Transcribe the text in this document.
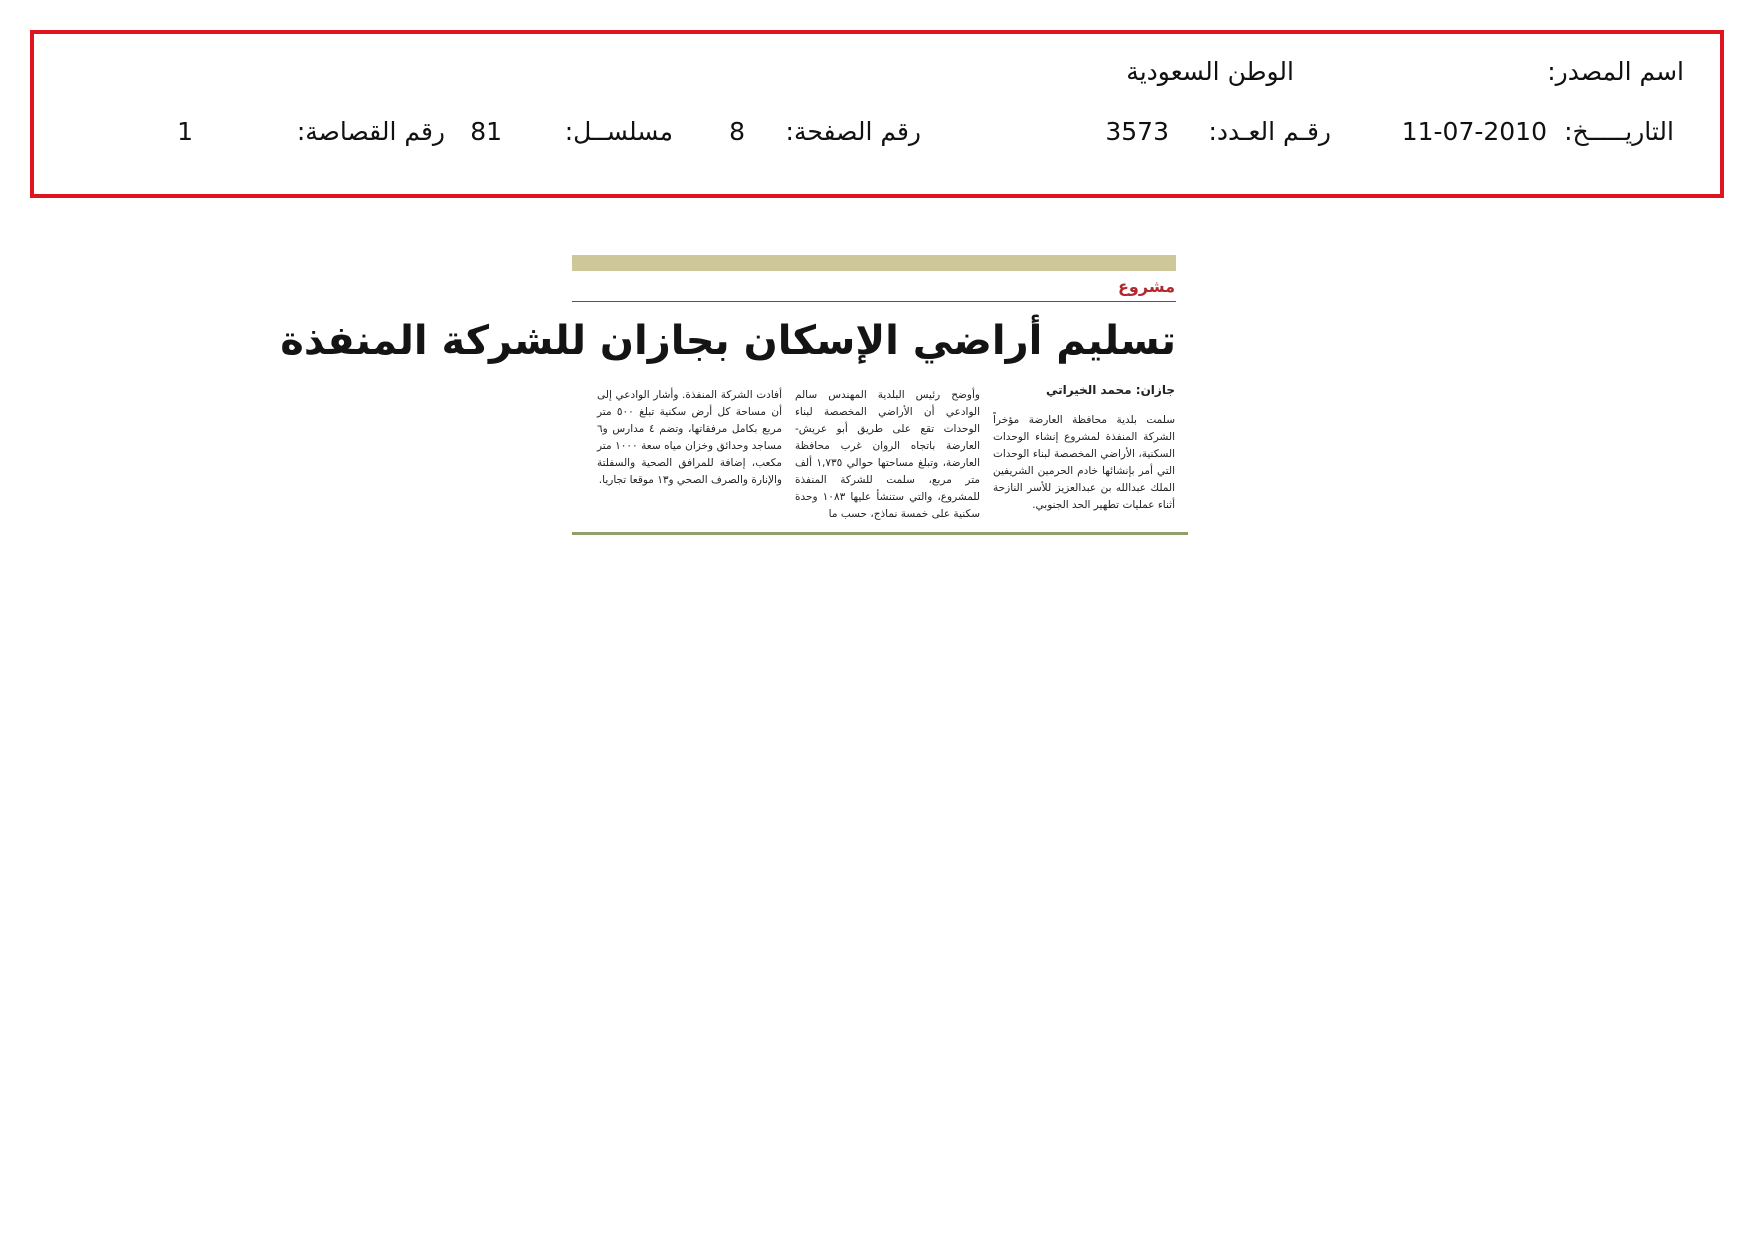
اسم المصدر:
الوطن السعودية
التاريـــــخ:
11-07-2010
رقـم العـدد:
3573
رقم الصفحة:
8
مسلســل:
81
رقم القصاصة:
1
مشروع
تسليم أراضي الإسكان بجازان للشركة المنفذة
جازان: محمد الخيراتي

سلمت بلدية محافظة العارضة مؤخراً الشركة المنفذة لمشروع إنشاء الوحدات السكنية، الأراضي المخصصة لبناء الوحدات التي أمر بإنشائها خادم الحرمين الشريفين الملك عبدالله بن عبدالعزيز للأسر النازحة أثناء عمليات تطهير الحد الجنوبي.

وأوضح رئيس البلدية المهندس سالم الوادعي أن الأراضي المخصصة لبناء الوحدات تقع على طريق أبو عريش- العارضة باتجاه الروان غرب محافظة العارضة، وتبلغ مساحتها حوالي ١,٧٣٥ ألف متر مربع، سلمت للشركة المنفذة للمشروع، والتي ستنشأ عليها ١٠٨٣ وحدة سكنية على خمسة نماذج، حسب ما

أفادت الشركة المنفذة. وأشار الوادعي إلى أن مساحة كل أرض سكنية تبلغ ٥٠٠ متر مربع بكامل مرفقاتها، وتضم ٤ مدارس و٦ مساجد وحدائق وخزان مياه سعة ١٠٠٠ متر مكعب، إضافة للمرافق الصحية والسفلتة والإنارة والصرف الصحي و١٣ موقعا تجاريا.
